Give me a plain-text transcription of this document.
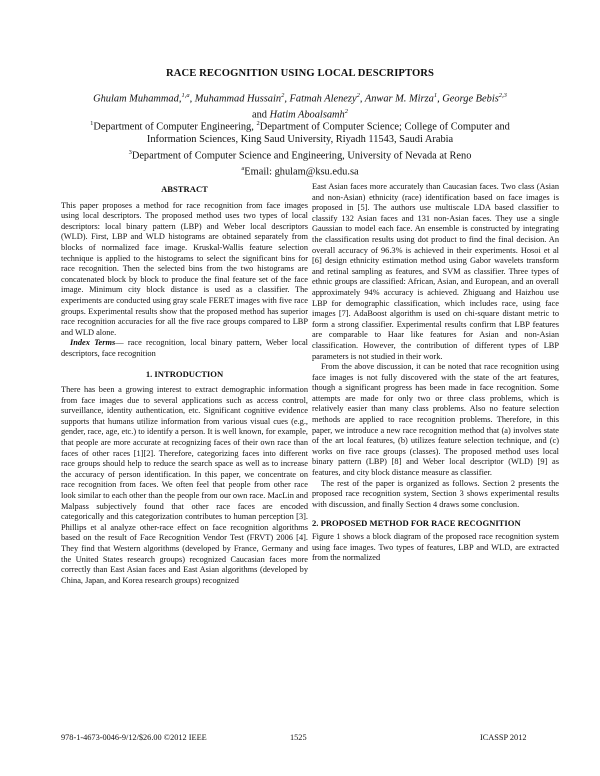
RACE RECOGNITION USING LOCAL DESCRIPTORS
Ghulam Muhammad,$^{1,a}$, Muhammad Hussain$^2$, Fatmah Alenezy$^2$, Anwar M. Mirza$^1$, George Bebis$^{2,3}$
and Hatim Aboalsamh$^2$
$^1$Department of Computer Engineering, $^2$Department of Computer Science; College of Computer and
Information Sciences, King Saud University, Riyadh 11543, Saudi Arabia
$^3$Department of Computer Science and Engineering, University of Nevada at Reno
$^a$Email: ghulam@ksu.edu.sa
ABSTRACT

This paper proposes a method for race recognition from face images using local descriptors. The proposed method uses two types of local descriptors: local binary pattern (LBP) and Weber local descriptors (WLD). First, LBP and WLD histograms are obtained separately from blocks of normalized face image. Kruskal-Wallis feature selection technique is applied to the histograms to select the significant bins for race recognition. Then the selected bins from the two histograms are concatenated block by block to produce the final feature set of the face image. Minimum city block distance is used as a classifier. The experiments are conducted using gray scale FERET images with five race groups. Experimental results show that the proposed method has superior race recognition accuracies for all the five race groups compared to LBP and WLD alone.

Index Terms— race recognition, local binary pattern, Weber local descriptors, face recognition

1. INTRODUCTION

There has been a growing interest to extract demographic information from face images due to several applications such as access control, surveillance, identity authentication, etc. Significant cognitive evidence supports that humans utilize information from various visual cues (e.g., gender, race, age, etc.) to identify a person. It is well known, for example, that people are more accurate at recognizing faces of their own race than faces of other races [1][2]. Therefore, categorizing faces into different race groups should help to reduce the search space as well as to increase the accuracy of person identification. In this paper, we concentrate on race recognition from faces. We often feel that people from other race look similar to each other than the people from our own race. MacLin and Malpass subjectively found that other race faces are encoded categorically and this categorization contributes to human perception [3]. Phillips et al analyze other-race effect on face recognition algorithms based on the result of Face Recognition Vendor Test (FRVT) 2006 [4]. They find that Western algorithms (developed by France, Germany and the United States research groups) recognized Caucasian faces more correctly than East Asian faces and East Asian algorithms (developed by China, Japan, and Korea research groups) recognized

East Asian faces more accurately than Caucasian faces. Two class (Asian and non-Asian) ethnicity (race) identification based on face images is proposed in [5]. The authors use multiscale LDA based classifier to classify 132 Asian faces and 131 non-Asian faces. They use a single Gaussian to model each face. An ensemble is constructed by integrating the classification results using dot product to find the final decision. An overall accuracy of 96.3% is achieved in their experiments. Hosoi et al [6] design ethnicity estimation method using Gabor wavelets transform and retinal sampling as features, and SVM as classifier. Three types of ethnic groups are classified: African, Asian, and European, and an overall approximately 94% accuracy is achieved. Zhiguang and Haizhou use LBP for demographic classification, which includes race, using face images [7]. AdaBoost algorithm is used on chi-square distant metric to form a strong classifier. Experimental results confirm that LBP features are comparable to Haar like features for Asian and non-Asian classification. However, the contribution of different types of LBP parameters is not studied in their work.

From the above discussion, it can be noted that race recognition using face images is not fully discovered with the state of the art features, though a significant progress has been made in face recognition. Some attempts are made for only two or three class problems, which is relatively easier than many class problems. Also no feature selection methods are applied to race recognition problems. Therefore, in this paper, we introduce a new race recognition method that (a) involves state of the art local features, (b) utilizes feature selection technique, and (c) works on five race groups (classes). The proposed method uses local binary pattern (LBP) [8] and Weber local descriptor (WLD) [9] as features, and city block distance measure as classifier.

The rest of the paper is organized as follows. Section 2 presents the proposed race recognition system, Section 3 shows experimental results with discussion, and finally Section 4 draws some conclusion.

2. PROPOSED METHOD FOR RACE RECOGNITION

Figure 1 shows a block diagram of the proposed race recognition system using face images. Two types of features, LBP and WLD, are extracted from the normalized

978-1-4673-0046-9/12/$26.00 ©2012 IEEE	1525	ICASSP 2012
